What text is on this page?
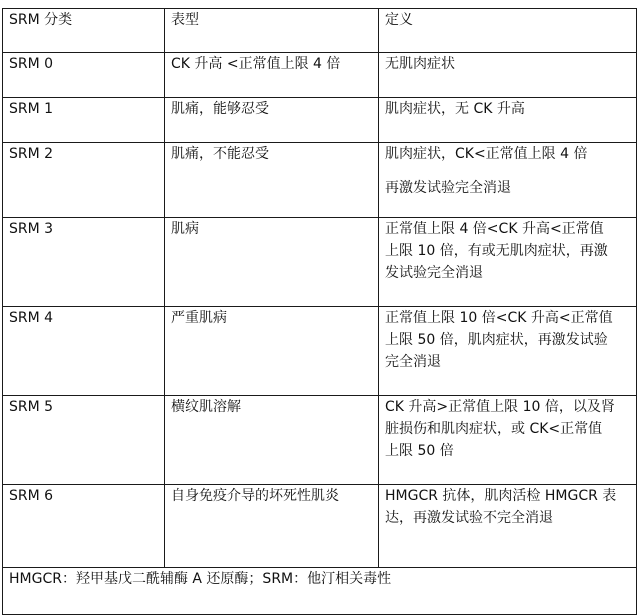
SRM 分类	表型	定义
SRM 0	CK 升高 <正常值上限 4 倍	无肌肉症状

SRM 1	肌痛，能够忍受	肌肉症状，无 CK 升高

SRM 2	肌痛，不能忍受	肌肉症状，CK<正常值上限 4 倍
再激发试验完全消退

SRM 3	肌病	正常值上限 4 倍<CK 升高<正常值
上限 10 倍，有或无肌肉症状，再激
发试验完全消退

SRM 4	严重肌病	正常值上限 10 倍<CK 升高<正常值
上限 50 倍，肌肉症状，再激发试验
完全消退

SRM 5	横纹肌溶解	CK 升高>正常值上限 10 倍，以及肾
脏损伤和肌肉症状，或 CK<正常值
上限 50 倍

SRM 6	自身免疫介导的坏死性肌炎	HMGCR 抗体，肌肉活检 HMGCR 表
达，再激发试验不完全消退

HMGCR：羟甲基戊二酰辅酶 A 还原酶；SRM：他汀相关毒性		
